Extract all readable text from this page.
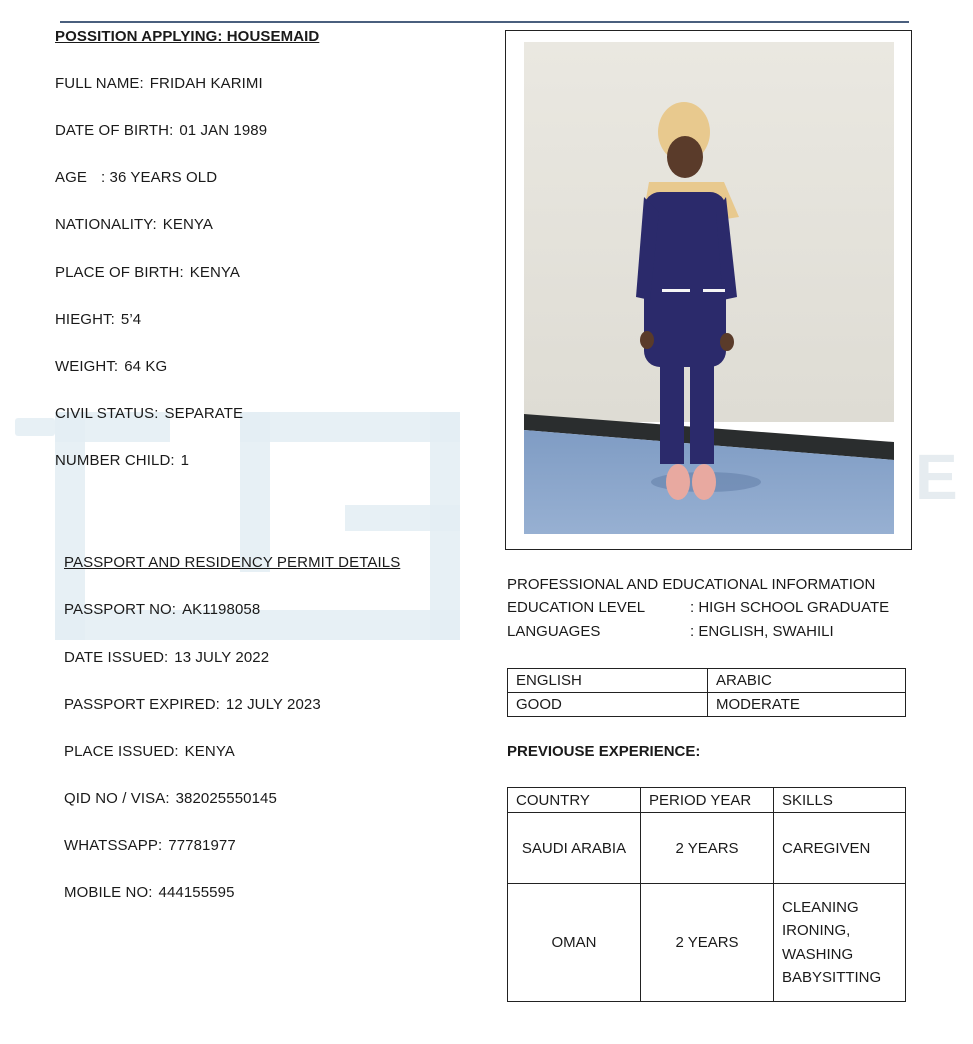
E
POSSITION APPLYING: HOUSEMAID
FULL NAME: FRIDAH KARIMI
DATE OF BIRTH: 01 JAN 1989
AGE : 36 YEARS OLD
NATIONALITY: KENYA
PLACE OF BIRTH: KENYA
HIEGHT: 5’4
WEIGHT: 64 KG
CIVIL STATUS: SEPARATE
NUMBER CHILD: 1
PASSPORT AND RESIDENCY PERMIT DETAILS
PASSPORT NO: AK1198058
DATE ISSUED: 13 JULY 2022
PASSPORT EXPIRED: 12 JULY 2023
PLACE ISSUED: KENYA
QID NO / VISA: 382025550145
WHATSSAPP: 77781977
MOBILE NO: 444155595
PROFESSIONAL AND EDUCATIONAL INFORMATION
EDUCATION LEVEL	: HIGH SCHOOL GRADUATE
LANGUAGES	: ENGLISH, SWAHILI
ENGLISH	ARABIC
GOOD	MODERATE
PREVIOUSE EXPERIENCE:
COUNTRY	PERIOD YEAR	SKILLS
SAUDI ARABIA	2 YEARS	CAREGIVEN
OMAN	2 YEARS	CLEANING
IRONING,
WASHING
BABYSITTING
